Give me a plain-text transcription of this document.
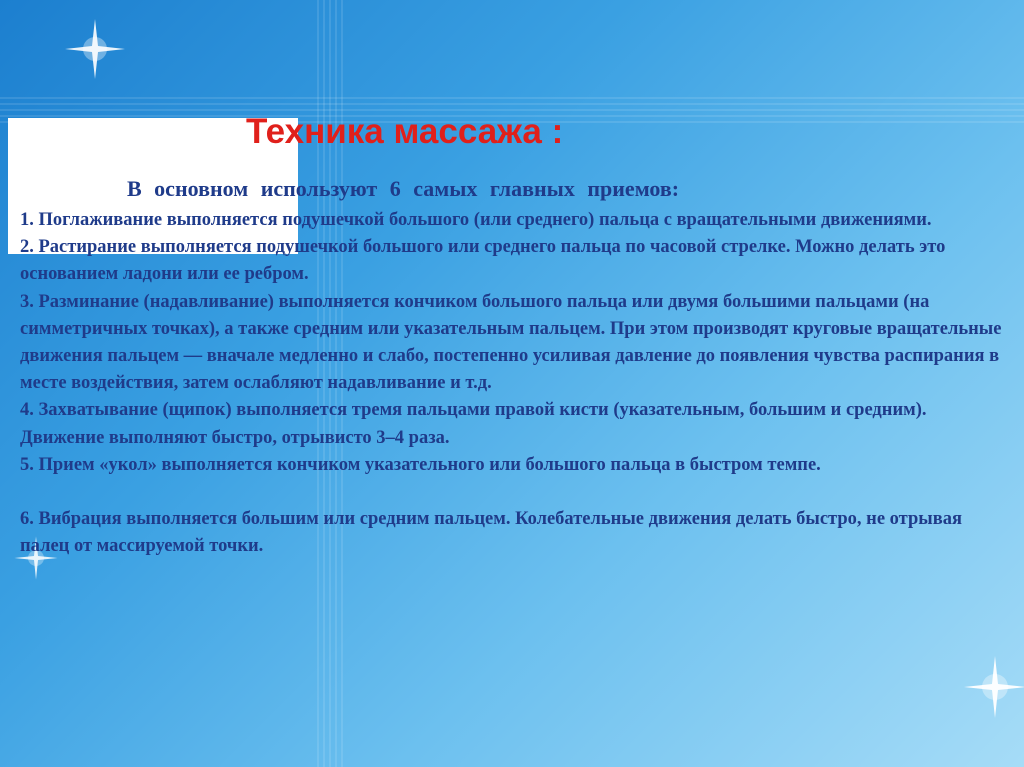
Техника массажа :

В основном используют 6 самых главных приемов:

1. Поглаживание выполняется подушечкой большого (или среднего) пальца с вращательными движениями.
2. Растирание выполняется подушечкой большого или среднего пальца по часовой стрелке. Можно делать это основанием ладони или ее ребром.
3. Разминание (надавливание) выполняется кончиком большого пальца или двумя большими пальцами (на симметричных точках), а также средним или указательным пальцем. При этом производят круговые вращательные движения пальцем — вначале медленно и слабо, постепенно усиливая давление до появления чувства распирания в месте воздействия, затем ослабляют надавливание и т.д.
4. Захватывание (щипок) выполняется тремя пальцами правой кисти (указательным, большим и средним). Движение выполняют быстро, отрывисто 3–4 раза.
5. Прием «укол» выполняется кончиком указательного или большого пальца в быстром темпе.
6. Вибрация выполняется большим или средним пальцем. Колебательные движения делать быстро, не отрывая палец от массируемой точки.
